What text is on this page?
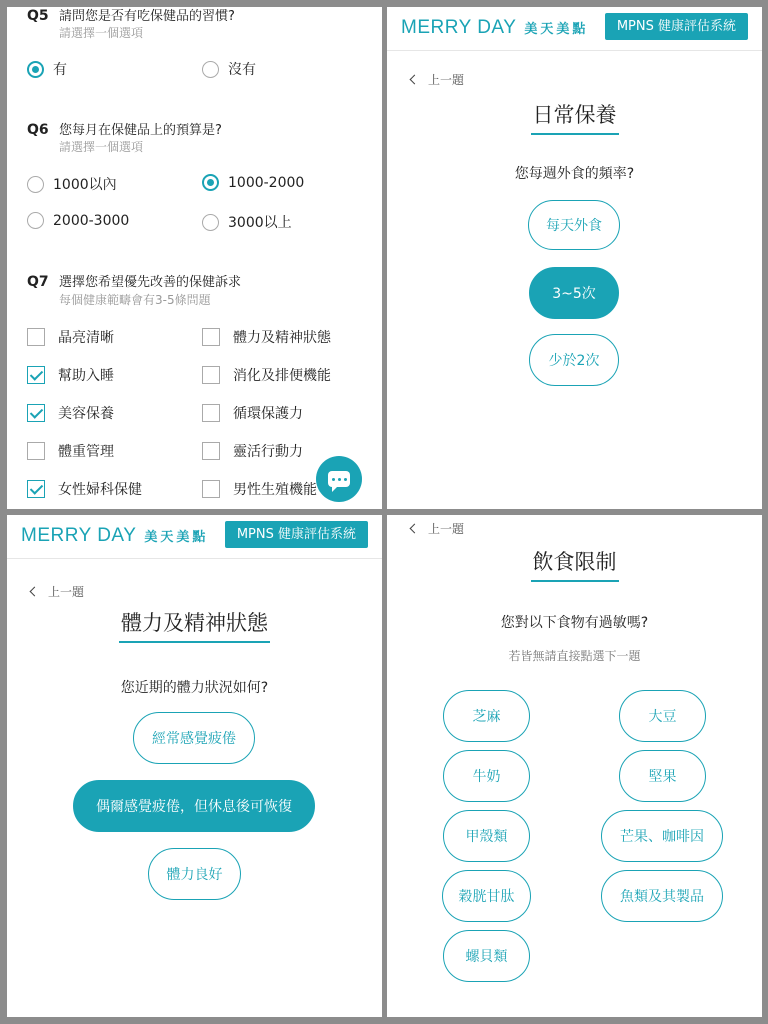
Q5 請問您是否有吃保健品的習慣?
請選擇一個選項
有	沒有
Q6 您每月在保健品上的預算是?
請選擇一個選項
1000以內	1000-2000
2000-3000	3000以上
Q7 選擇您希望優先改善的保健訴求
每個健康範疇會有3-5條問題
晶亮清晰	體力及精神狀態
幫助入睡	消化及排便機能
美容保養	循環保護力
體重管理	靈活行動力
女性婦科保健	男性生殖機能
MERRY DAY 美天美點	MPNS 健康評估系統
上一題
日常保養
您每週外食的頻率?
每天外食
3~5次
少於2次
MERRY DAY 美天美點	MPNS 健康評估系統
上一題
體力及精神狀態
您近期的體力狀況如何?
經常感覺疲倦
偶爾感覺疲倦，但休息後可恢復
體力良好
上一題
飲食限制
您對以下食物有過敏嗎?
若皆無請直接點選下一題
芝麻	大豆
牛奶	堅果
甲殼類	芒果、咖啡因
穀胱甘肽	魚類及其製品
螺貝類
